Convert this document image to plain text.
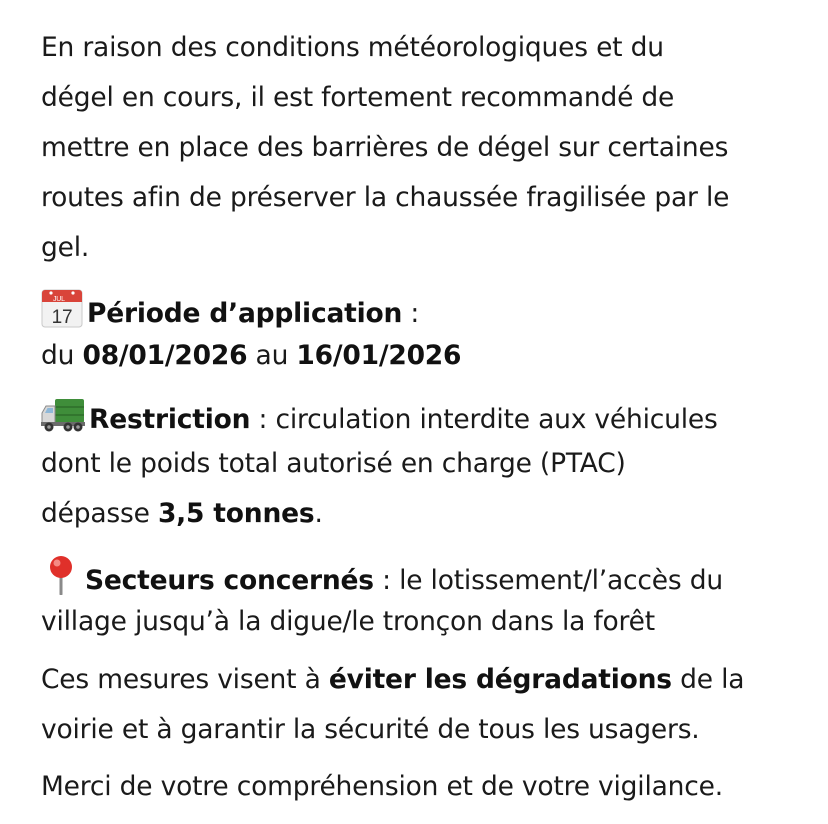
En raison des conditions météorologiques et du
dégel en cours, il est fortement recommandé de
mettre en place des barrières de dégel sur certaines
routes afin de préserver la chaussée fragilisée par le
gel.
JUL
17 Période d’application :
du 08/01/2026 au 16/01/2026
Restriction : circulation interdite aux véhicules
dont le poids total autorisé en charge (PTAC)
dépasse 3,5 tonnes.
Secteurs concernés : le lotissement/l’accès du
village jusqu’à la digue/le tronçon dans la forêt
Ces mesures visent à éviter les dégradations de la
voirie et à garantir la sécurité de tous les usagers.
Merci de votre compréhension et de votre vigilance.
